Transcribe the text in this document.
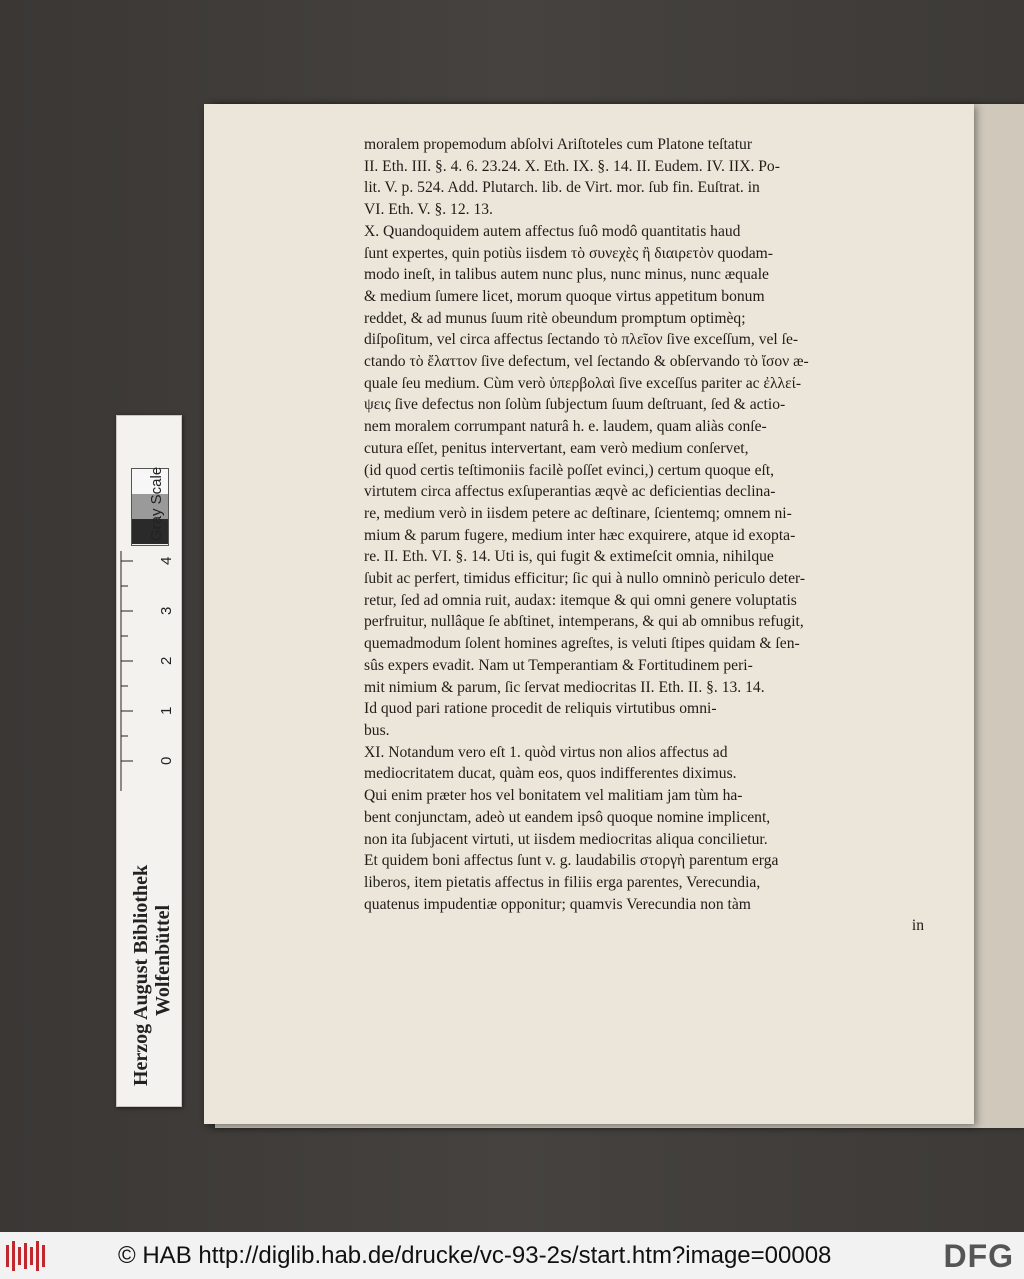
moralem propemodum abſolvi Ariſtoteles cum Platone teſtatur
II. Eth. III. §. 4. 6. 23.24. X. Eth. IX. §. 14. II. Eudem. IV. IIX. Po-
lit. V. p. 524. Add. Plutarch. lib. de Virt. mor. ſub fin. Euſtrat. in
VI. Eth. V. §. 12. 13.
X. Quandoquidem autem affectus ſuô modô quantitatis haud
ſunt expertes, quin potiùs iisdem τὸ συνεχὲς ἢ διαιρετὸν quodam-
modo ineſt, in talibus autem nunc plus, nunc minus, nunc æquale
& medium ſumere licet, morum quoque virtus appetitum bonum
reddet, & ad munus ſuum ritè obeundum promptum optimèq;
diſpoſitum, vel circa affectus ſectando τὸ πλεῖον ſive exceſſum, vel ſe-
ctando τὸ ἔλαττον ſive defectum, vel ſectando & obſervando τὸ ἴσον æ-
quale ſeu medium. Cùm verò ὑπερβολαὶ ſive exceſſus pariter ac ἐλλεί-
ψεις ſive defectus non ſolùm ſubjectum ſuum deſtruant, ſed & actio-
nem moralem corrumpant naturâ h. e. laudem, quam aliàs conſe-
cutura eſſet, penitus intervertant, eam verò medium conſervet,
(id quod certis teſtimoniis facilè poſſet evinci,) certum quoque eſt,
virtutem circa affectus exſuperantias æqvè ac deficientias declina-
re, medium verò in iisdem petere ac deſtinare, ſcientemq; omnem ni-
mium & parum fugere, medium inter hæc exquirere, atque id exopta-
re. II. Eth. VI. §. 14. Uti is, qui fugit & extimeſcit omnia, nihilque
ſubit ac perfert, timidus efficitur; ſic qui à nullo omninò periculo deter-
retur, ſed ad omnia ruit, audax: itemque & qui omni genere voluptatis
perfruitur, nullâque ſe abſtinet, intemperans, & qui ab omnibus refugit,
quemadmodum ſolent homines agreſtes, is veluti ſtipes quidam & ſen-
sûs expers evadit. Nam ut Temperantiam & Fortitudinem peri-
mit nimium & parum, ſic ſervat mediocritas II. Eth. II. §. 13. 14.
Id quod pari ratione procedit de reliquis virtutibus omni-
bus.
XI. Notandum vero eſt 1. quòd virtus non alios affectus ad
mediocritatem ducat, quàm eos, quos indifferentes diximus.
Qui enim præter hos vel bonitatem vel malitiam jam tùm ha-
bent conjunctam, adeò ut eandem ipsô quoque nomine implicent,
non ita ſubjacent virtuti, ut iisdem mediocritas aliqua concilietur.
Et quidem boni affectus ſunt v. g. laudabilis στοργὴ parentum erga
liberos, item pietatis affectus in filiis erga parentes, Verecundia,
quatenus impudentiæ opponitur; quamvis Verecundia non tàm
in
0
1
2
3
4
Gray Scale
Herzog August Bibliothek Wolfenbüttel
© HAB http://diglib.hab.de/drucke/vc-93-2s/start.htm?image=00008	DFG
